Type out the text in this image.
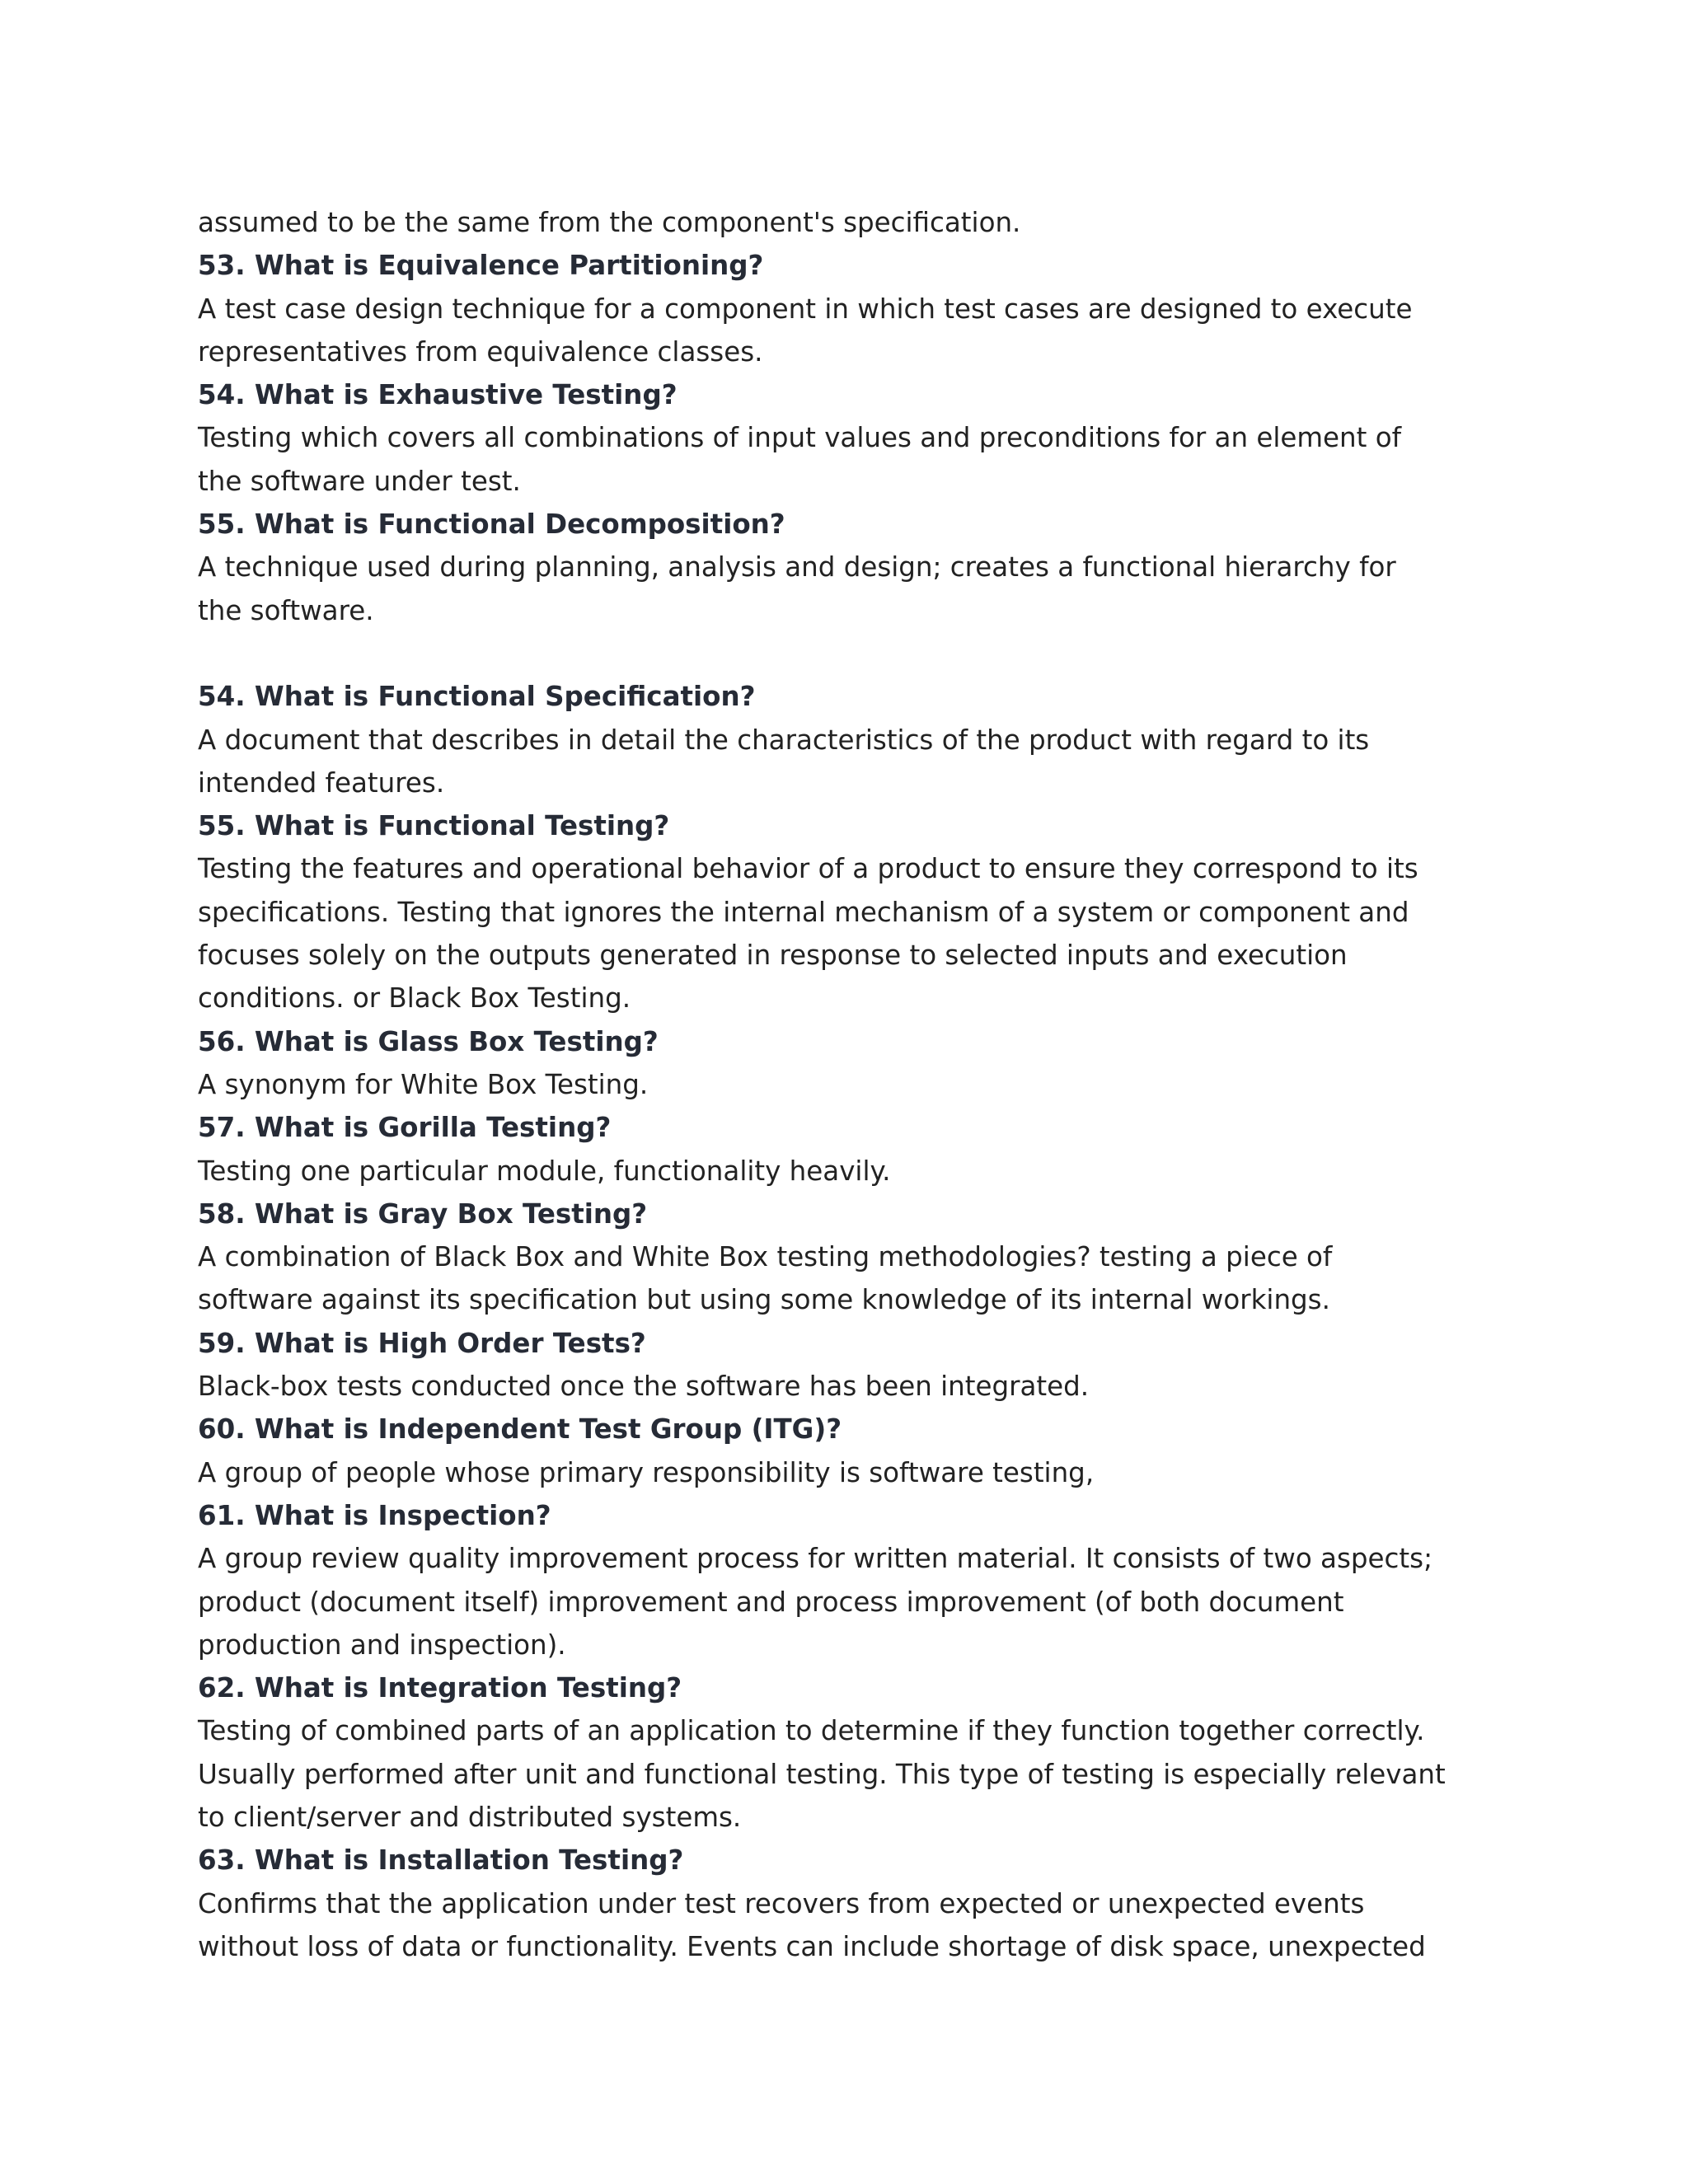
assumed to be the same from the component's specification.
53. What is Equivalence Partitioning?
A test case design technique for a component in which test cases are designed to execute
representatives from equivalence classes.
54. What is Exhaustive Testing?
Testing which covers all combinations of input values and preconditions for an element of
the software under test.
55. What is Functional Decomposition?
A technique used during planning, analysis and design; creates a functional hierarchy for
the software.
54. What is Functional Specification?
A document that describes in detail the characteristics of the product with regard to its
intended features.
55. What is Functional Testing?
Testing the features and operational behavior of a product to ensure they correspond to its
specifications. Testing that ignores the internal mechanism of a system or component and
focuses solely on the outputs generated in response to selected inputs and execution
conditions. or Black Box Testing.
56. What is Glass Box Testing?
A synonym for White Box Testing.
57. What is Gorilla Testing?
Testing one particular module, functionality heavily.
58. What is Gray Box Testing?
A combination of Black Box and White Box testing methodologies? testing a piece of
software against its specification but using some knowledge of its internal workings.
59. What is High Order Tests?
Black-box tests conducted once the software has been integrated.
60. What is Independent Test Group (ITG)?
A group of people whose primary responsibility is software testing,
61. What is Inspection?
A group review quality improvement process for written material. It consists of two aspects;
product (document itself) improvement and process improvement (of both document
production and inspection).
62. What is Integration Testing?
Testing of combined parts of an application to determine if they function together correctly.
Usually performed after unit and functional testing. This type of testing is especially relevant
to client/server and distributed systems.
63. What is Installation Testing?
Confirms that the application under test recovers from expected or unexpected events
without loss of data or functionality. Events can include shortage of disk space, unexpected
